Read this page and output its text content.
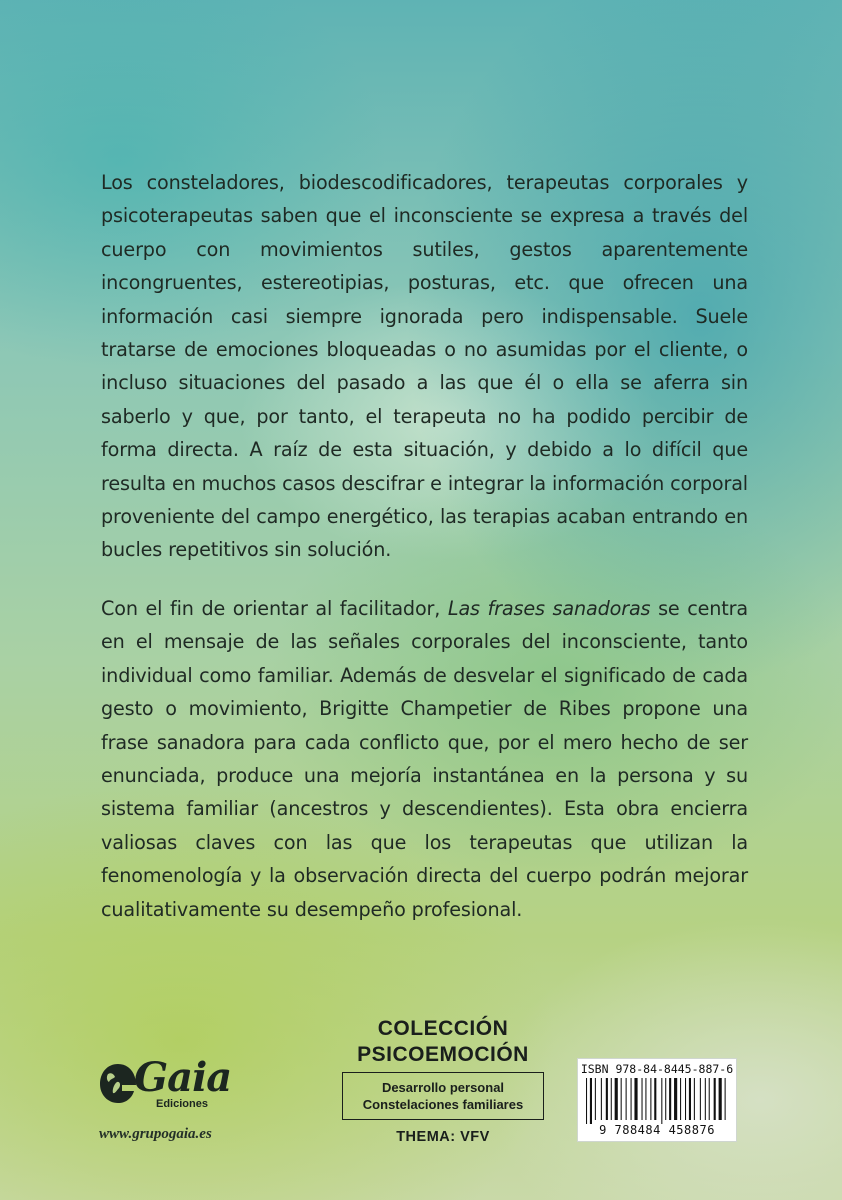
Los consteladores, biodescodificadores, terapeutas corporales y psicoterapeutas saben que el inconsciente se expresa a través del cuerpo con movimientos sutiles, gestos aparentemente incongruentes, estereotipias, posturas, etc. que ofrecen una información casi siempre ignorada pero indispensable. Suele tratarse de emociones bloqueadas o no asumidas por el cliente, o incluso situaciones del pasado a las que él o ella se aferra sin saberlo y que, por tanto, el terapeuta no ha podido percibir de forma directa. A raíz de esta situación, y debido a lo difícil que resulta en muchos casos descifrar e integrar la información corporal proveniente del campo energético, las terapias acaban entrando en bucles repetitivos sin solución.

Con el fin de orientar al facilitador, Las frases sanadoras se centra en el mensaje de las señales corporales del inconsciente, tanto individual como familiar. Además de desvelar el significado de cada gesto o movimiento, Brigitte Champetier de Ribes propone una frase sanadora para cada conflicto que, por el mero hecho de ser enunciada, produce una mejoría instantánea en la persona y su sistema familiar (ancestros y descendientes). Esta obra encierra valiosas claves con las que los terapeutas que utilizan la fenomenología y la observación directa del cuerpo podrán mejorar cualitativamente su desempeño profesional.

Gaia
Ediciones
www.grupogaia.es
COLECCIÓN
PSICOEMOCIÓN
Desarrollo personal
Constelaciones familiares
THEMA: VFV
ISBN 978-84-8445-887-6
9 788484 458876
